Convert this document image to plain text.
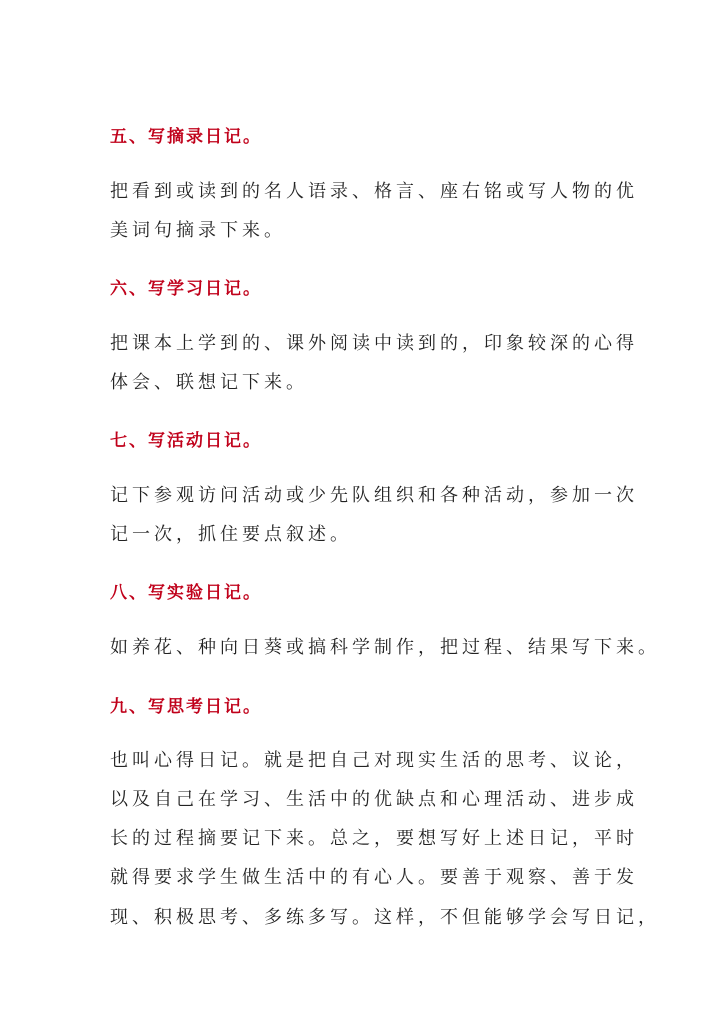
五、写摘录日记。
把看到或读到的名人语录、格言、座右铭或写人物的优
美词句摘录下来。
六、写学习日记。
把课本上学到的、课外阅读中读到的，印象较深的心得
体会、联想记下来。
七、写活动日记。
记下参观访问活动或少先队组织和各种活动，参加一次
记一次，抓住要点叙述。
八、写实验日记。
如养花、种向日葵或搞科学制作，把过程、结果写下来。
九、写思考日记。
也叫心得日记。就是把自己对现实生活的思考、议论，
以及自己在学习、生活中的优缺点和心理活动、进步成
长的过程摘要记下来。总之，要想写好上述日记，平时
就得要求学生做生活中的有心人。要善于观察、善于发
现、积极思考、多练多写。这样，不但能够学会写日记，
